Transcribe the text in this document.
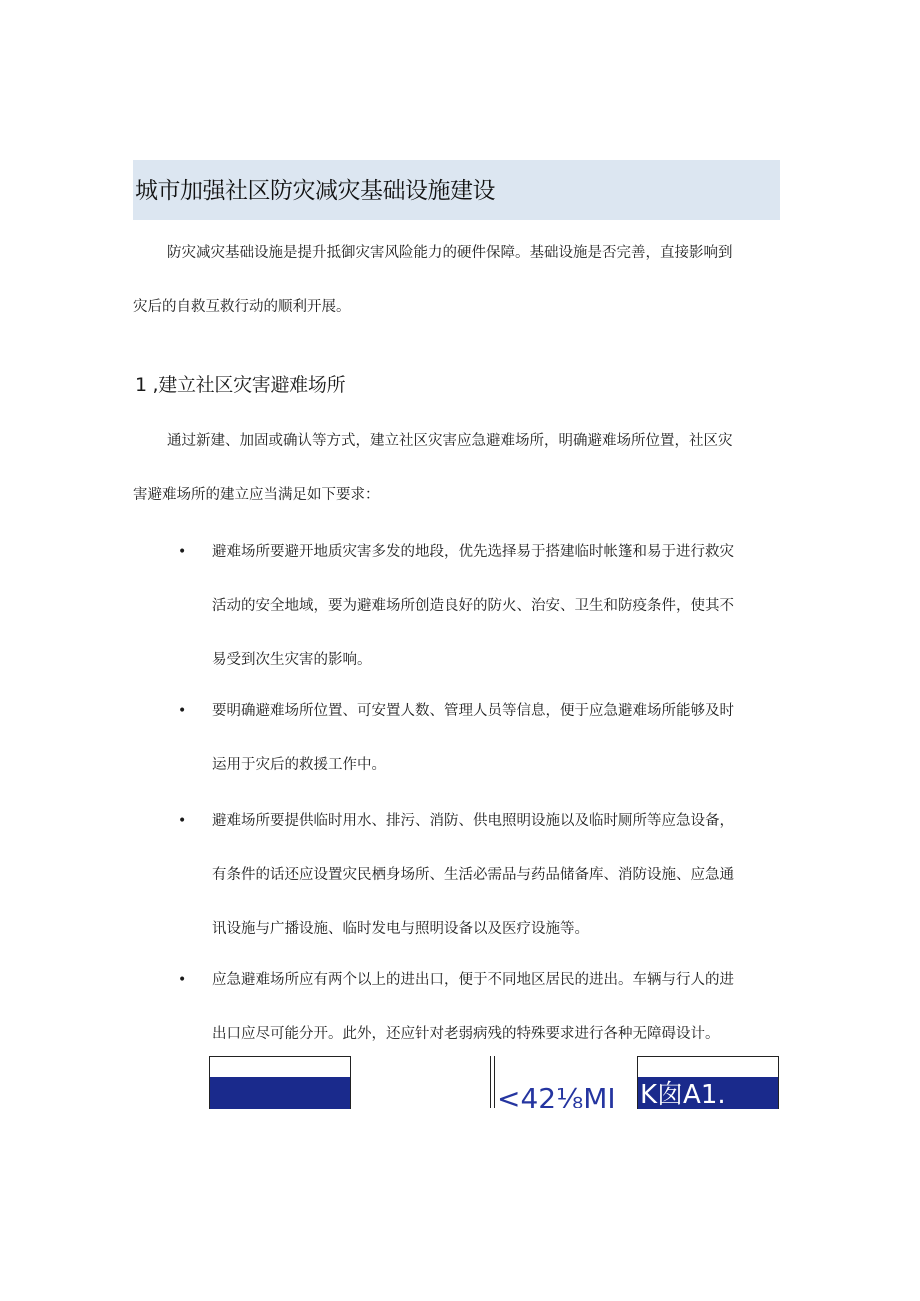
城市加强社区防灾减灾基础设施建设
防灾减灾基础设施是提升抵御灾害风险能力的硬件保障。基础设施是否完善，直接影响到
灾后的自救互救行动的顺利开展。
1 ,建立社区灾害避难场所
通过新建、加固或确认等方式，建立社区灾害应急避难场所，明确避难场所位置，社区灾
害避难场所的建立应当满足如下要求：
• 避难场所要避开地质灾害多发的地段，优先选择易于搭建临时帐篷和易于进行救灾
活动的安全地域，要为避难场所创造良好的防火、治安、卫生和防疫条件，使其不
易受到次生灾害的影响。
• 要明确避难场所位置、可安置人数、管理人员等信息，便于应急避难场所能够及时
运用于灾后的救援工作中。
• 避难场所要提供临时用水、排污、消防、供电照明设施以及临时厕所等应急设备，
有条件的话还应设置灾民栖身场所、生活必需品与药品储备库、消防设施、应急通
讯设施与广播设施、临时发电与照明设备以及医疗设施等。
• 应急避难场所应有两个以上的进出口，便于不同地区居民的进出。车辆与行人的进
出口应尽可能分开。此外，还应针对老弱病残的特殊要求进行各种无障碍设计。
<42⅛MI K囱A1.
